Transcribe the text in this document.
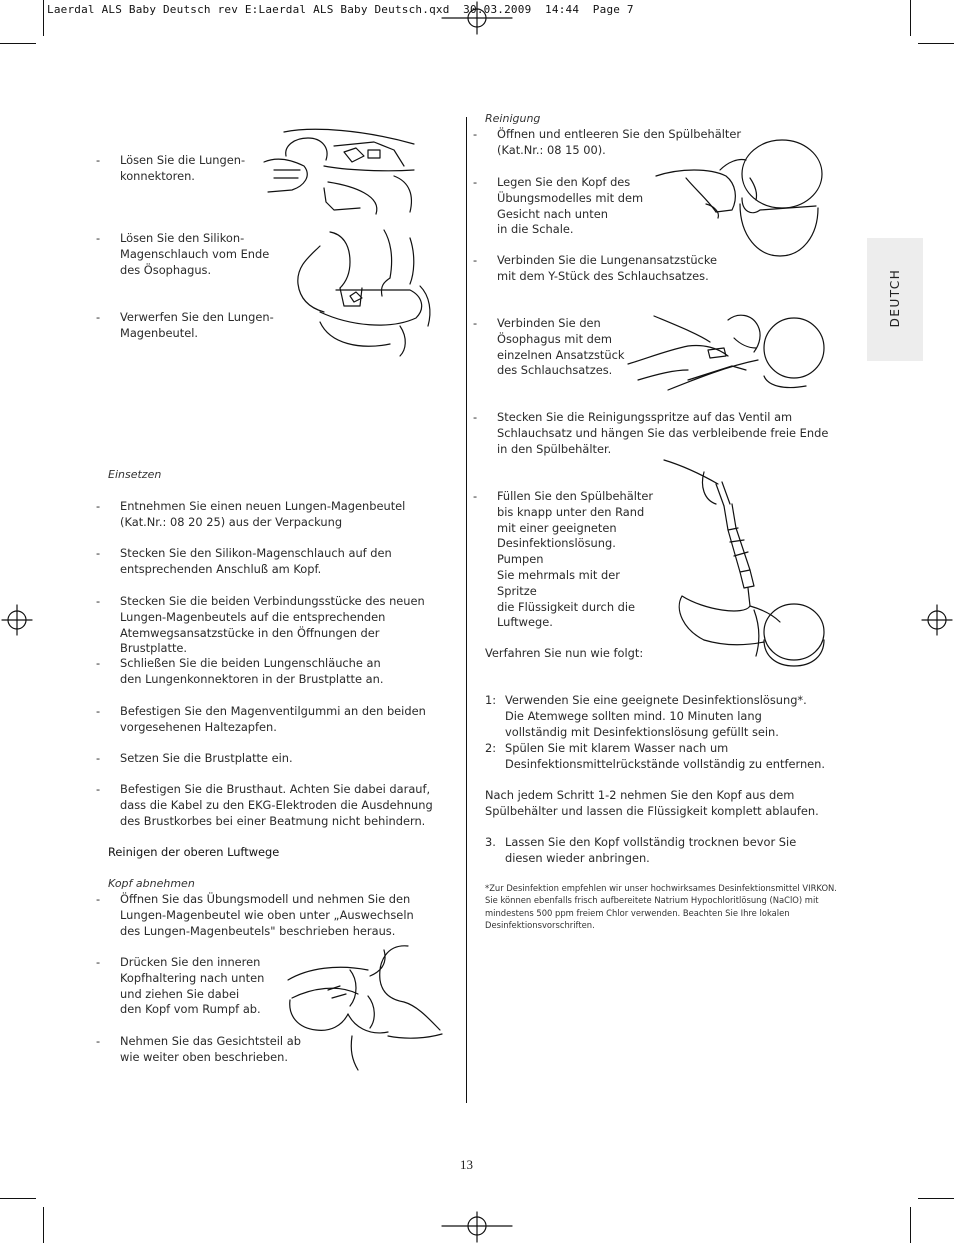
Laerdal ALS Baby Deutsch rev E:Laerdal ALS Baby Deutsch.qxd  30.03.2009  14:44  Page 7
DEUTCH
- Lösen Sie die Lungen-
konnektoren.
- Lösen Sie den Silikon-
Magenschlauch vom Ende
des Ösophagus.
- Verwerfen Sie den Lungen-
Magenbeutel.
Einsetzen
- Entnehmen Sie einen neuen Lungen-Magenbeutel
(Kat.Nr.: 08 20 25) aus der Verpackung
- Stecken Sie den Silikon-Magenschlauch auf den
entsprechenden Anschluß am Kopf.
- Stecken Sie die beiden Verbindungsstücke des neuen
Lungen-Magenbeutels auf die entsprechenden
Atemwegsansatzstücke in den Öffnungen der Brustplatte.
- Schließen Sie die beiden Lungenschläuche an
den Lungenkonnektoren in der Brustplatte an.
- Befestigen Sie den Magenventilgummi an den beiden
vorgesehenen Haltezapfen.
- Setzen Sie die Brustplatte ein.
- Befestigen Sie die Brusthaut. Achten Sie dabei darauf,
dass die Kabel zu den EKG-Elektroden die Ausdehnung
des Brustkorbes bei einer Beatmung nicht behindern.
Reinigen der oberen Luftwege
Kopf abnehmen
- Öffnen Sie das Übungsmodell und nehmen Sie den
Lungen-Magenbeutel wie oben unter „Auswechseln
des Lungen-Magenbeutels" beschrieben heraus.
- Drücken Sie den inneren
Kopfhaltering nach unten
und ziehen Sie dabei
den Kopf vom Rumpf ab.
- Nehmen Sie das Gesichtsteil ab
wie weiter oben beschrieben.
Reinigung
- Öffnen und entleeren Sie den Spülbehälter
(Kat.Nr.: 08 15 00).
- Legen Sie den Kopf des
Übungsmodelles mit dem
Gesicht nach unten
in die Schale.
- Verbinden Sie die Lungenansatzstücke
mit dem Y-Stück des Schlauchsatzes.
- Verbinden Sie den
Ösophagus mit dem
einzelnen Ansatzstück
des Schlauchsatzes.
- Stecken Sie die Reinigungsspritze auf das Ventil am
Schlauchsatz und hängen Sie das verbleibende freie Ende
in den Spülbehälter.
- Füllen Sie den Spülbehälter
bis knapp unter den Rand
mit einer geeigneten
Desinfektionslösung. Pumpen
Sie mehrmals mit der Spritze
die Flüssigkeit durch die
Luftwege.
Verfahren Sie nun wie folgt:
1: Verwenden Sie eine geeignete Desinfektionslösung*.
Die Atemwege sollten mind. 10 Minuten lang
vollständig mit Desinfektionslösung gefüllt sein.
2: Spülen Sie mit klarem Wasser nach um
Desinfektionsmittelrückstände vollständig zu entfernen.
Nach jedem Schritt 1-2 nehmen Sie den Kopf aus dem
Spülbehälter und lassen die Flüssigkeit komplett ablaufen.
3. Lassen Sie den Kopf vollständig trocknen bevor Sie
diesen wieder anbringen.
*Zur Desinfektion empfehlen wir unser hochwirksames Desinfektionsmittel VIRKON.
Sie können ebenfalls frisch aufbereitete Natrium Hypochloritlösung (NaClO) mit
mindestens 500 ppm freiem Chlor verwenden. Beachten Sie Ihre lokalen
Desinfektionsvorschriften.
13
